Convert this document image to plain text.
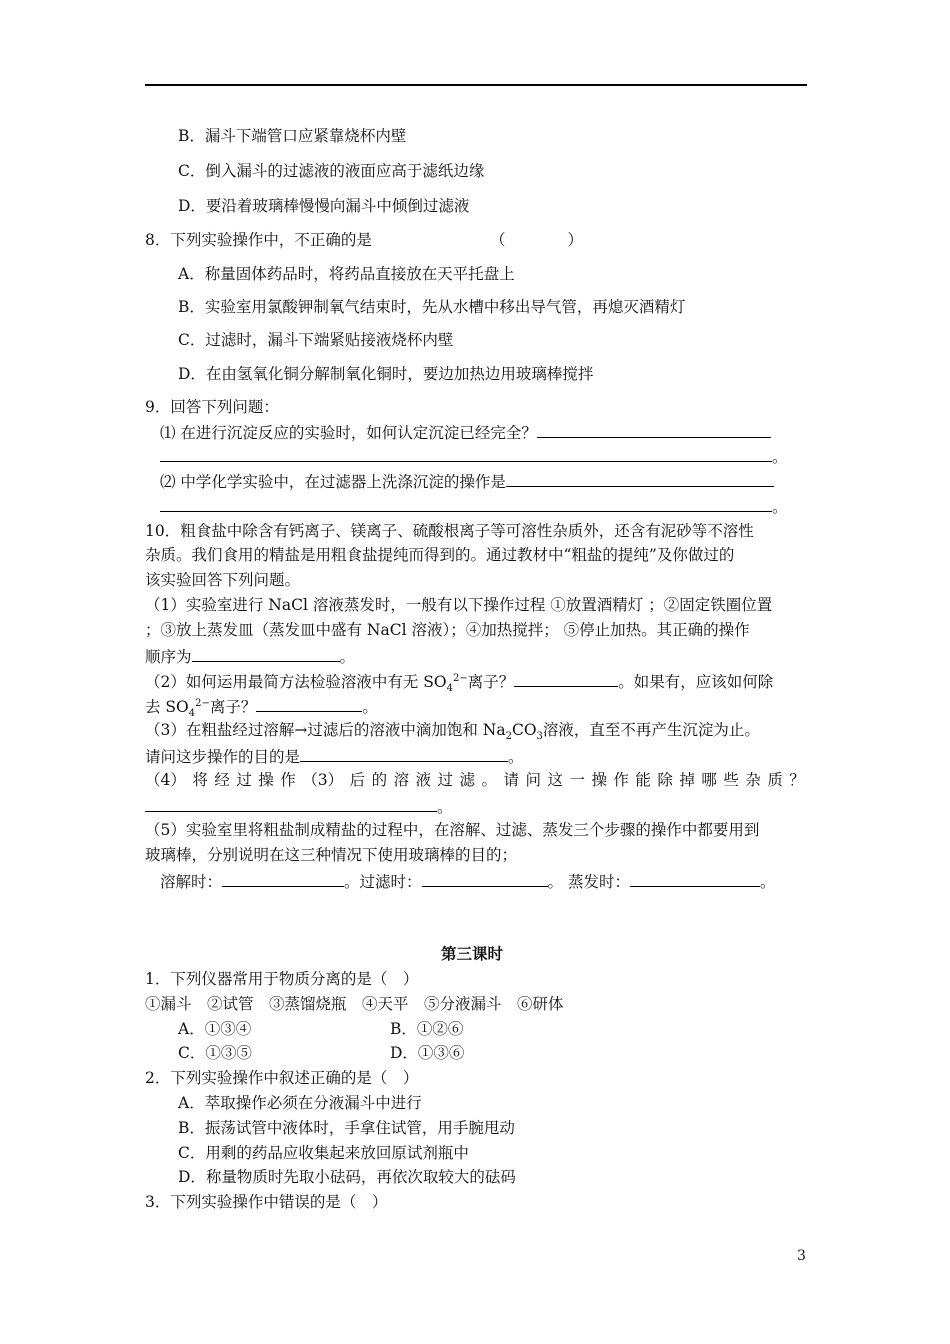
B．漏斗下端管口应紧靠烧杯内壁
C．倒入漏斗的过滤液的液面应高于滤纸边缘
D．要沿着玻璃棒慢慢向漏斗中倾倒过滤液
8．下列实验操作中，不正确的是	（　　　　）
A．称量固体药品时，将药品直接放在天平托盘上
B．实验室用氯酸钾制氧气结束时，先从水槽中移出导气管，再熄灭酒精灯
C．过滤时，漏斗下端紧贴接液烧杯内壁
D．在由氢氧化铜分解制氧化铜时，要边加热边用玻璃棒搅拌
9．回答下列问题：
⑴ 在进行沉淀反应的实验时，如何认定沉淀已经完全？
。
⑵ 中学化学实验中，在过滤器上洗涤沉淀的操作是
。
10．粗食盐中除含有钙离子、镁离子、硫酸根离子等可溶性杂质外，还含有泥砂等不溶性
杂质。我们食用的精盐是用粗食盐提纯而得到的。通过教材中“粗盐的提纯”及你做过的
该实验回答下列问题。
（1）实验室进行 NaCl 溶液蒸发时，一般有以下操作过程 ①放置酒精灯 ；②固定铁圈位置
；③放上蒸发皿（蒸发皿中盛有 NaCl 溶液）；④加热搅拌； ⑤停止加热。其正确的操作
顺序为	。
（2）如何运用最简方法检验溶液中有无 $SO_4^{2-}$离子？	。如果有，应该如何除
去 $SO_4^{2-}$离子？	。
（3）在粗盐经过溶解→过滤后的溶液中滴加饱和 $Na_2CO_3$溶液，直至不再产生沉淀为止。
请问这步操作的目的是	。
（4） 将 经 过 操 作 （3） 后 的 溶 液 过 滤 。 请 问 这 一 操 作 能 除 掉 哪 些 杂 质 ？
。
（5）实验室里将粗盐制成精盐的过程中，在溶解、过滤、蒸发三个步骤的操作中都要用到
玻璃棒，分别说明在这三种情况下使用玻璃棒的目的；
溶解时：	。过滤时：	。 蒸发时：	。
第三课时
1．下列仪器常用于物质分离的是（　）
①漏斗　②试管　③蒸馏烧瓶　④天平　⑤分液漏斗　⑥研体
A．①③④	B．①②⑥
C．①③⑤	D．①③⑥
2．下列实验操作中叙述正确的是（　）
A．萃取操作必须在分液漏斗中进行
B．振荡试管中液体时，手拿住试管，用手腕甩动
C．用剩的药品应收集起来放回原试剂瓶中
D．称量物质时先取小砝码，再依次取较大的砝码
3．下列实验操作中错误的是（　）
3
